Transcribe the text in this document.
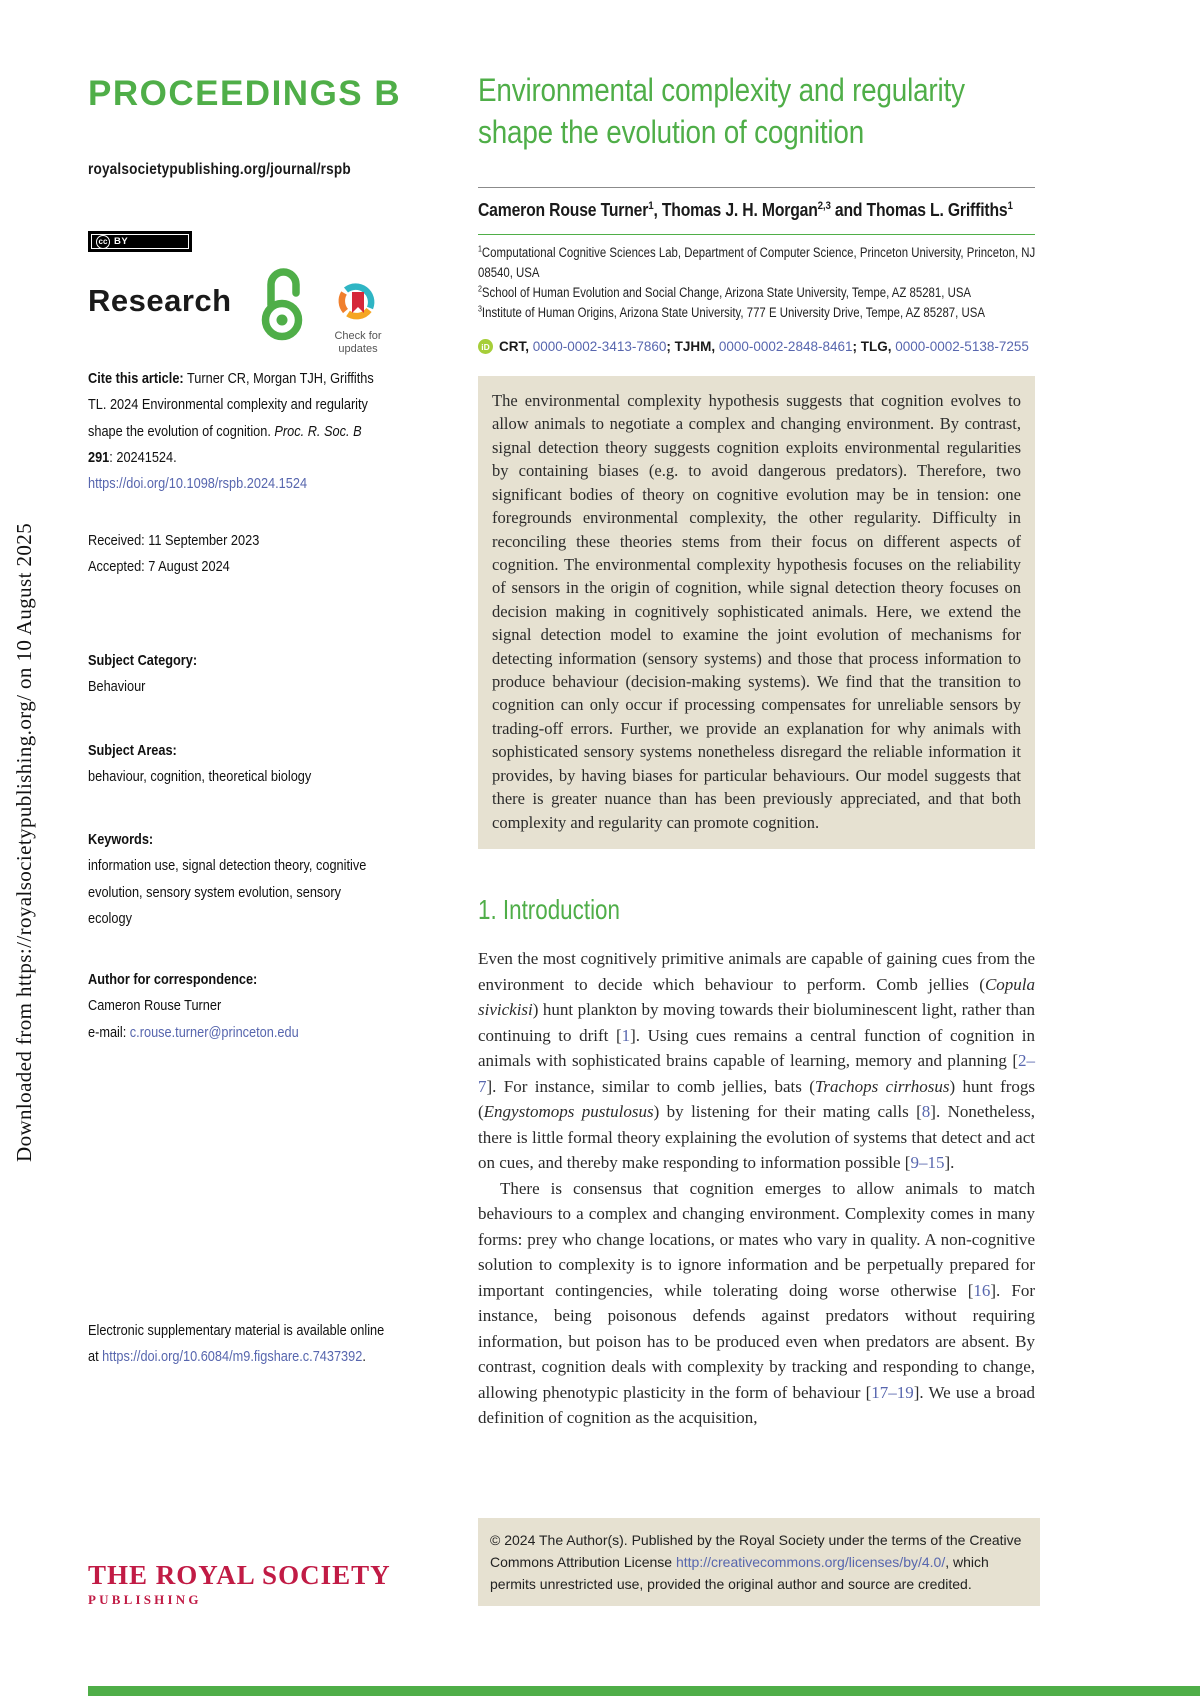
Downloaded from https://royalsocietypublishing.org/ on 10 August 2025
PROCEEDINGS B
royalsocietypublishing.org/journal/rspb
cc BY
Research
Check for
updates
Cite this article: Turner CR, Morgan TJH, Griffiths TL. 2024 Environmental complexity and regularity shape the evolution of cognition. Proc. R. Soc. B 291: 20241524.
https://doi.org/10.1098/rspb.2024.1524
Received: 11 September 2023
Accepted: 7 August 2024
Subject Category:
Behaviour
Subject Areas:
behaviour, cognition, theoretical biology
Keywords:
information use, signal detection theory, cognitive evolution, sensory system evolution, sensory ecology
Author for correspondence:
Cameron Rouse Turner
e-mail: c.rouse.turner@princeton.edu
Electronic supplementary material is available online at https://doi.org/10.6084/m9.figshare.c.7437392.
THE ROYAL SOCIETY
PUBLISHING
Environmental complexity and regularity
shape the evolution of cognition
Cameron Rouse Turner$^1$, Thomas J. H. Morgan$^{2,3}$ and Thomas L. Griffiths$^1$
$^1$Computational Cognitive Sciences Lab, Department of Computer Science, Princeton University, Princeton, NJ 08540, USA
$^2$School of Human Evolution and Social Change, Arizona State University, Tempe, AZ 85281, USA
$^3$Institute of Human Origins, Arizona State University, 777 E University Drive, Tempe, AZ 85287, USA
iD CRT, 0000-0002-3413-7860 ; TJHM, 0000-0002-2848-8461 ; TLG, 0000-0002-5138-7255
The environmental complexity hypothesis suggests that cognition evolves to allow animals to negotiate a complex and changing environment. By contrast, signal detection theory suggests cognition exploits environmental regularities by containing biases (e.g. to avoid dangerous predators). Therefore, two significant bodies of theory on cognitive evolution may be in tension: one foregrounds environmental complexity, the other regularity. Difficulty in reconciling these theories stems from their focus on different aspects of cognition. The environmental complexity hypothesis focuses on the reliability of sensors in the origin of cognition, while signal detection theory focuses on decision making in cognitively sophisticated animals. Here, we extend the signal detection model to examine the joint evolution of mechanisms for detecting information (sensory systems) and those that process information to produce behaviour (decision-making systems). We find that the transition to cognition can only occur if processing compensates for unreliable sensors by trading-off errors. Further, we provide an explanation for why animals with sophisticated sensory systems nonetheless disregard the reliable information it provides, by having biases for particular behaviours. Our model suggests that there is greater nuance than has been previously appreciated, and that both complexity and regularity can promote cognition.
1. Introduction

Even the most cognitively primitive animals are capable of gaining cues from the environment to decide which behaviour to perform. Comb jellies (Copula sivickisi) hunt plankton by moving towards their bioluminescent light, rather than continuing to drift [1]. Using cues remains a central function of cognition in animals with sophisticated brains capable of learning, memory and planning [2–7]. For instance, similar to comb jellies, bats (Trachops cirrhosus) hunt frogs (Engystomops pustulosus) by listening for their mating calls [8]. Nonetheless, there is little formal theory explaining the evolution of systems that detect and act on cues, and thereby make responding to information possible [9–15].

There is consensus that cognition emerges to allow animals to match behaviours to a complex and changing environment. Complexity comes in many forms: prey who change locations, or mates who vary in quality. A non-cognitive solution to complexity is to ignore information and be perpetually prepared for important contingencies, while tolerating doing worse otherwise [16]. For instance, being poisonous defends against predators without requiring information, but poison has to be produced even when predators are absent. By contrast, cognition deals with complexity by tracking and responding to change, allowing phenotypic plasticity in the form of behaviour [17–19]. We use a broad definition of cognition as the acquisition,

© 2024 The Author(s). Published by the Royal Society under the terms of the Creative Commons Attribution License http://creativecommons.org/licenses/by/4.0/, which permits unrestricted use, provided the original author and source are credited.
